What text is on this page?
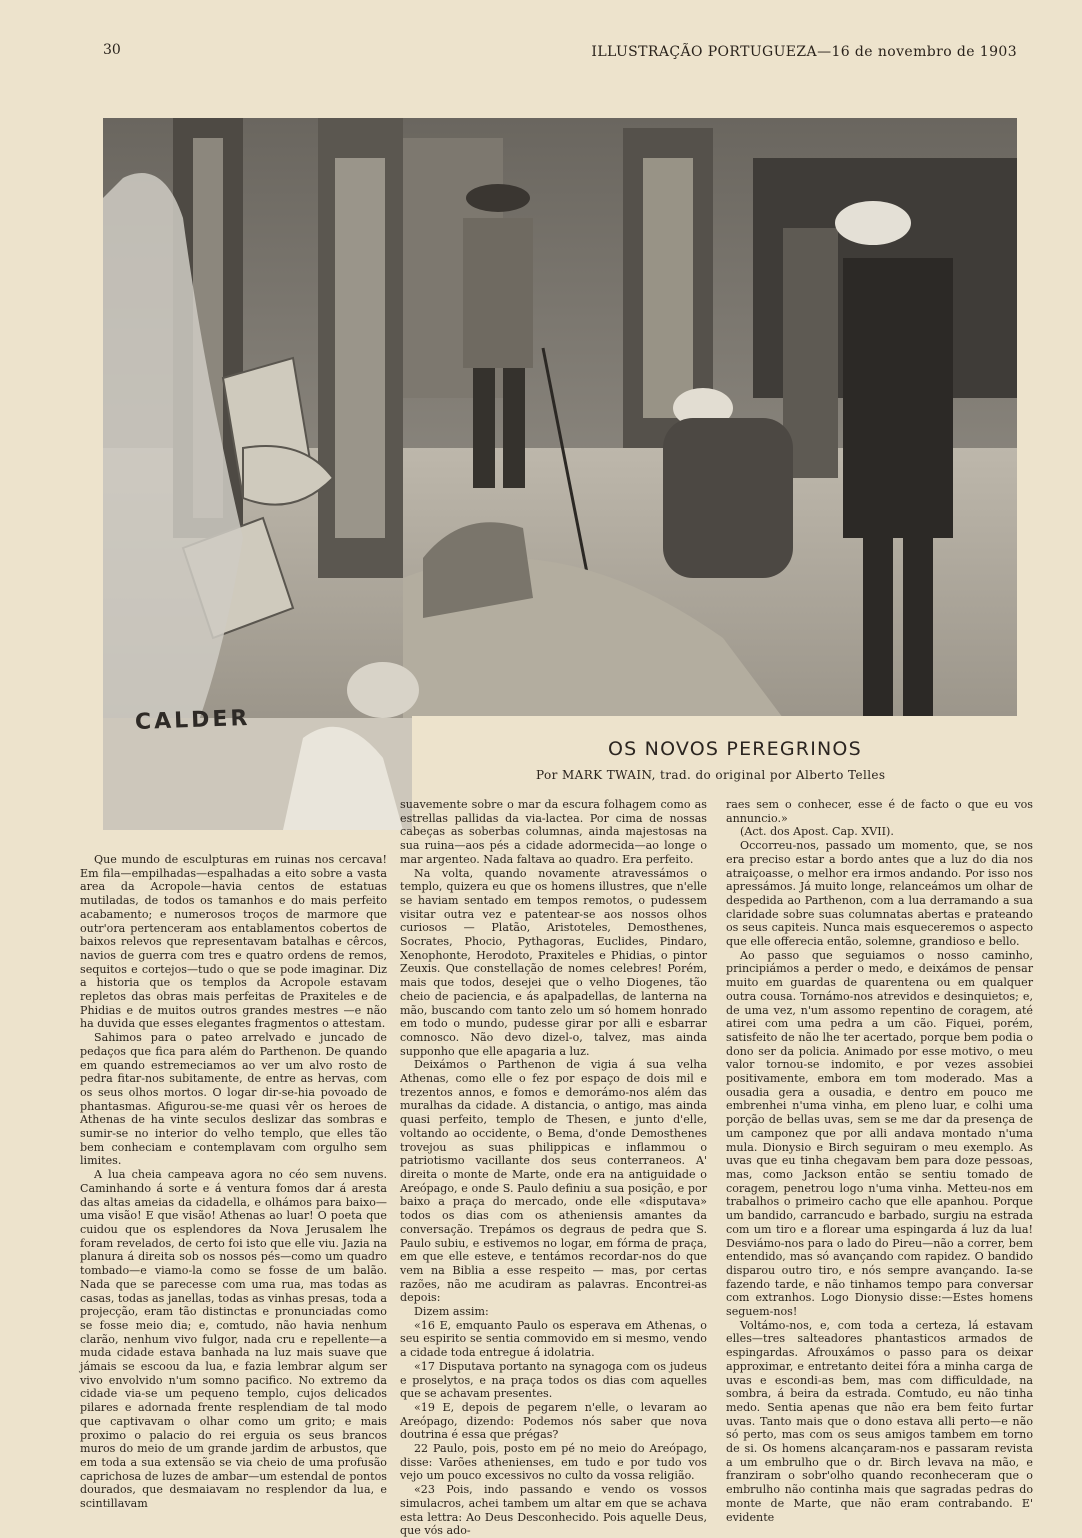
30	ILLUSTRAÇÃO PORTUGUEZA—16 de novembro de 1903
CALDER
OS NOVOS PEREGRINOS
Por MARK TWAIN, trad. do original por Alberto Telles

Que mundo de esculpturas em ruinas nos cercava! Em fila—empilhadas—espalhadas a eito sobre a vasta area da Acropole—havia centos de estatuas mutiladas, de todos os tamanhos e do mais perfeito acabamento; e numerosos troços de marmore que outr'ora pertenceram aos entablamentos cobertos de baixos relevos que representavam batalhas e cêrcos, navios de guerra com tres e quatro ordens de remos, sequitos e cortejos—tudo o que se pode imaginar. Diz a historia que os templos da Acropole estavam repletos das obras mais perfeitas de Praxiteles e de Phidias e de muitos outros grandes mestres —e não ha duvida que esses elegantes fragmentos o attestam.

Sahimos para o pateo arrelvado e juncado de pedaços que fica para além do Parthenon. De quando em quando estremeciamos ao ver um alvo rosto de pedra fitar-nos subitamente, de entre as hervas, com os seus olhos mortos. O logar dir-se-hia povoado de phantasmas. Afigurou-se-me quasi vêr os heroes de Athenas de ha vinte seculos deslizar das sombras e sumir-se no interior do velho templo, que elles tão bem conheciam e contemplavam com orgulho sem limites.

A lua cheia campeava agora no céo sem nuvens. Caminhando á sorte e á ventura fomos dar á aresta das altas ameias da cidadella, e olhámos para baixo—uma visão! E que visão! Athenas ao luar! O poeta que cuidou que os esplendores da Nova Jerusalem lhe foram revelados, de certo foi isto que elle viu. Jazia na planura á direita sob os nossos pés—como um quadro tombado—e viamo-la como se fosse de um balão. Nada que se parecesse com uma rua, mas todas as casas, todas as janellas, todas as vinhas presas, toda a projecção, eram tão distinctas e pronunciadas como se fosse meio dia; e, comtudo, não havia nenhum clarão, nenhum vivo fulgor, nada cru e repellente—a muda cidade estava banhada na luz mais suave que jámais se escoou da lua, e fazia lembrar algum ser vivo envolvido n'um somno pacifico. No extremo da cidade via-se um pequeno templo, cujos delicados pilares e adornada frente resplendiam de tal modo que captivavam o olhar como um grito; e mais proximo o palacio do rei erguia os seus brancos muros do meio de um grande jardim de arbustos, que em toda a sua extensão se via cheio de uma profusão caprichosa de luzes de ambar—um estendal de pontos dourados, que desmaiavam no resplendor da lua, e scintillavam

suavemente sobre o mar da escura folhagem como as estrellas pallidas da via-lactea. Por cima de nossas cabeças as soberbas columnas, ainda majestosas na sua ruina—aos pés a cidade adormecida—ao longe o mar argenteo. Nada faltava ao quadro. Era perfeito.

Na volta, quando novamente atravessámos o templo, quizera eu que os homens illustres, que n'elle se haviam sentado em tempos remotos, o pudessem visitar outra vez e patentear-se aos nossos olhos curiosos — Platão, Aristoteles, Demosthenes, Socrates, Phocio, Pythagoras, Euclides, Pindaro, Xenophonte, Herodoto, Praxiteles e Phidias, o pintor Zeuxis. Que constellação de nomes celebres! Porém, mais que todos, desejei que o velho Diogenes, tão cheio de paciencia, e ás apalpadellas, de lanterna na mão, buscando com tanto zelo um só homem honrado em todo o mundo, pudesse girar por alli e esbarrar comnosco. Não devo dizel-o, talvez, mas ainda supponho que elle apagaria a luz.

Deixámos o Parthenon de vigia á sua velha Athenas, como elle o fez por espaço de dois mil e trezentos annos, e fomos e demorámo-nos além das muralhas da cidade. A distancia, o antigo, mas ainda quasi perfeito, templo de Thesen, e junto d'elle, voltando ao occidente, o Bema, d'onde Demosthenes trovejou as suas philippicas e inflammou o patriotismo vacillante dos seus conterraneos. A' direita o monte de Marte, onde era na antiguidade o Areópago, e onde S. Paulo definiu a sua posição, e por baixo a praça do mercado, onde elle «disputava» todos os dias com os atheniensis amantes da conversação. Trepámos os degraus de pedra que S. Paulo subiu, e estivemos no logar, em fórma de praça, em que elle esteve, e tentámos recordar-nos do que vem na Biblia a esse respeito — mas, por certas razões, não me acudiram as palavras. Encontrei-as depois:

Dizem assim:

«16 E, emquanto Paulo os esperava em Athenas, o seu espirito se sentia commovido em si mesmo, vendo a cidade toda entregue á idolatria.

«17 Disputava portanto na synagoga com os judeus e proselytos, e na praça todos os dias com aquelles que se achavam presentes.

«19 E, depois de pegarem n'elle, o levaram ao Areópago, dizendo: Podemos nós saber que nova doutrina é essa que prégas?

22 Paulo, pois, posto em pé no meio do Areópago, disse: Varões athenienses, em tudo e por tudo vos vejo um pouco excessivos no culto da vossa religião.

«23 Pois, indo passando e vendo os vossos simulacros, achei tambem um altar em que se achava esta lettra: Ao Deus Desconhecido. Pois aquelle Deus, que vós ado-

raes sem o conhecer, esse é de facto o que eu vos annuncio.»

(Act. dos Apost. Cap. XVII).

Occorreu-nos, passado um momento, que, se nos era preciso estar a bordo antes que a luz do dia nos atraiçoasse, o melhor era irmos andando. Por isso nos apressámos. Já muito longe, relanceámos um olhar de despedida ao Parthenon, com a lua derramando a sua claridade sobre suas columnatas abertas e prateando os seus capiteis. Nunca mais esqueceremos o aspecto que elle offerecia então, solemne, grandioso e bello.

Ao passo que seguiamos o nosso caminho, principiámos a perder o medo, e deixámos de pensar muito em guardas de quarentena ou em qualquer outra cousa. Tornámo-nos atrevidos e desinquietos; e, de uma vez, n'um assomo repentino de coragem, até atirei com uma pedra a um cão. Fiquei, porém, satisfeito de não lhe ter acertado, porque bem podia o dono ser da policia. Animado por esse motivo, o meu valor tornou-se indomito, e por vezes assobiei positivamente, embora em tom moderado. Mas a ousadia gera a ousadia, e dentro em pouco me embrenhei n'uma vinha, em pleno luar, e colhi uma porção de bellas uvas, sem se me dar da presença de um camponez que por alli andava montado n'uma mula. Dionysio e Birch seguiram o meu exemplo. As uvas que eu tinha chegavam bem para doze pessoas, mas, como Jackson então se sentiu tomado de coragem, penetrou logo n'uma vinha. Metteu-nos em trabalhos o primeiro cacho que elle apanhou. Porque um bandido, carrancudo e barbado, surgiu na estrada com um tiro e a florear uma espingarda á luz da lua! Desviámo-nos para o lado do Pireu—não a correr, bem entendido, mas só avançando com rapidez. O bandido disparou outro tiro, e nós sempre avançando. Ia-se fazendo tarde, e não tinhamos tempo para conversar com extranhos. Logo Dionysio disse:—Estes homens seguem-nos!

Voltámo-nos, e, com toda a certeza, lá estavam elles—tres salteadores phantasticos armados de espingardas. Afrouxámos o passo para os deixar approximar, e entretanto deitei fóra a minha carga de uvas e escondi-as bem, mas com difficuldade, na sombra, á beira da estrada. Comtudo, eu não tinha medo. Sentia apenas que não era bem feito furtar uvas. Tanto mais que o dono estava alli perto—e não só perto, mas com os seus amigos tambem em torno de si. Os homens alcançaram-nos e passaram revista a um embrulho que o dr. Birch levava na mão, e franziram o sobr'olho quando reconheceram que o embrulho não continha mais que sagradas pedras do monte de Marte, que não eram contrabando. E' evidente
